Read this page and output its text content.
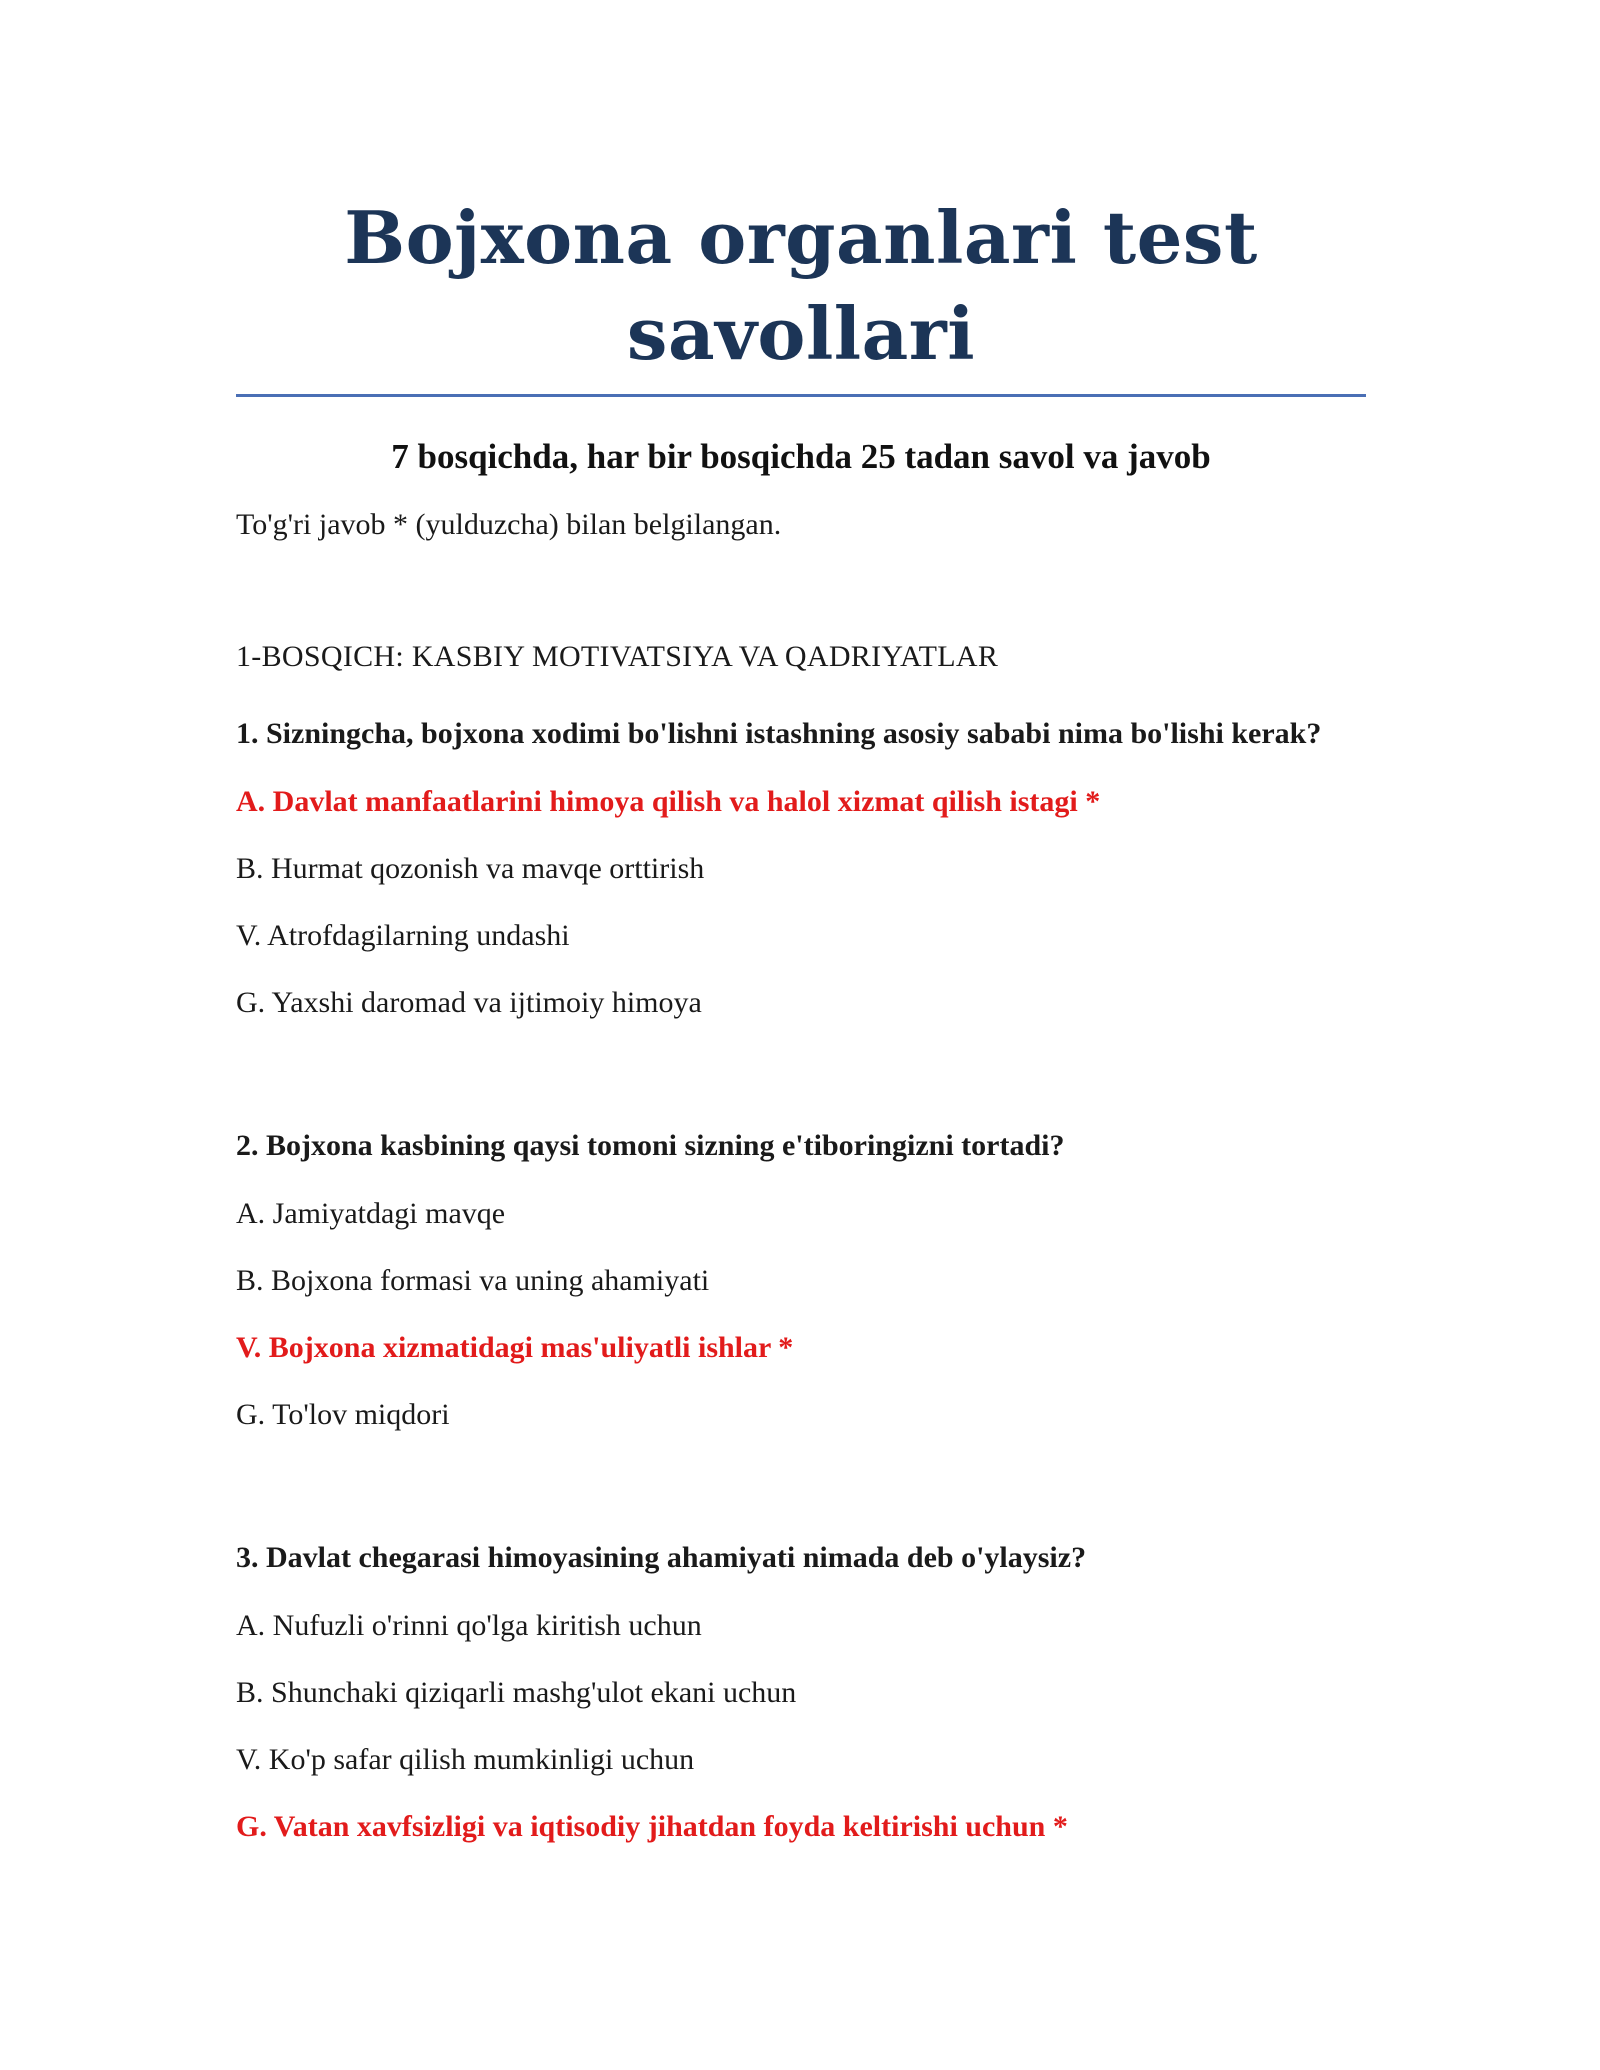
Bojxona organlari test savollari
7 bosqichda, har bir bosqichda 25 tadan savol va javob

To'g'ri javob * (yulduzcha) bilan belgilangan.

1-BOSQICH: KASBIY MOTIVATSIYA VA QADRIYATLAR

1. Sizningcha, bojxona xodimi bo'lishni istashning asosiy sababi nima bo'lishi kerak?

A. Davlat manfaatlarini himoya qilish va halol xizmat qilish istagi *

B. Hurmat qozonish va mavqe orttirish

V. Atrofdagilarning undashi

G. Yaxshi daromad va ijtimoiy himoya

2. Bojxona kasbining qaysi tomoni sizning e'tiboringizni tortadi?

A. Jamiyatdagi mavqe

B. Bojxona formasi va uning ahamiyati

V. Bojxona xizmatidagi mas'uliyatli ishlar *

G. To'lov miqdori

3. Davlat chegarasi himoyasining ahamiyati nimada deb o'ylaysiz?

A. Nufuzli o'rinni qo'lga kiritish uchun

B. Shunchaki qiziqarli mashg'ulot ekani uchun

V. Ko'p safar qilish mumkinligi uchun

G. Vatan xavfsizligi va iqtisodiy jihatdan foyda keltirishi uchun *
